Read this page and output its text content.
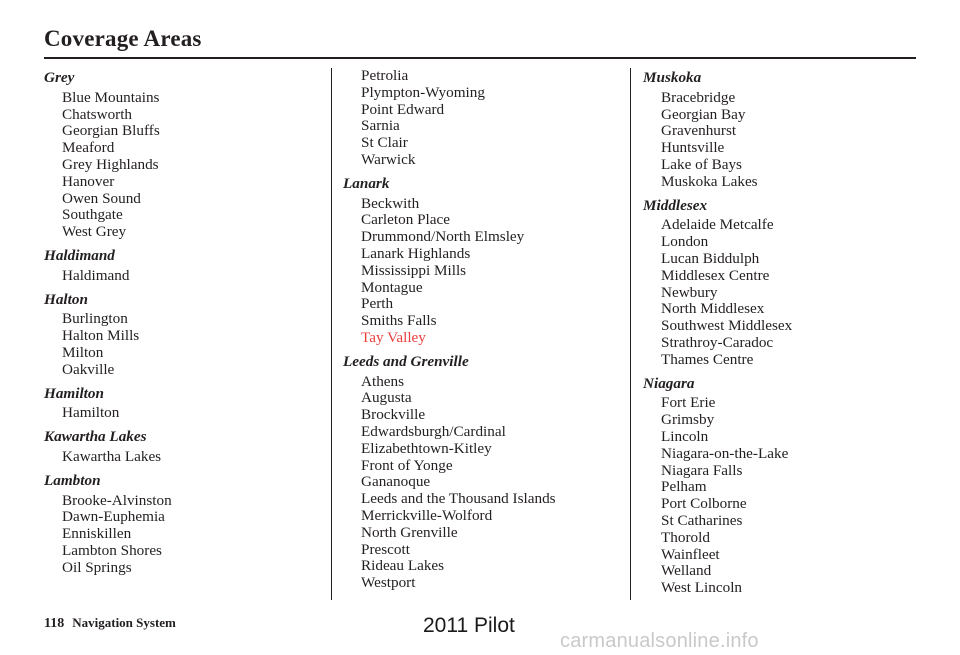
Coverage Areas
Grey
Blue Mountains
Chatsworth
Georgian Bluffs
Meaford
Grey Highlands
Hanover
Owen Sound
Southgate
West Grey
Haldimand
Haldimand
Halton
Burlington
Halton Mills
Milton
Oakville
Hamilton
Hamilton
Kawartha Lakes
Kawartha Lakes
Lambton
Brooke-Alvinston
Dawn-Euphemia
Enniskillen
Lambton Shores
Oil Springs
Petrolia
Plympton-Wyoming
Point Edward
Sarnia
St Clair
Warwick
Lanark
Beckwith
Carleton Place
Drummond/North Elmsley
Lanark Highlands
Mississippi Mills
Montague
Perth
Smiths Falls
Tay Valley
Leeds and Grenville
Athens
Augusta
Brockville
Edwardsburgh/Cardinal
Elizabethtown-Kitley
Front of Yonge
Gananoque
Leeds and the Thousand Islands
Merrickville-Wolford
North Grenville
Prescott
Rideau Lakes
Westport
Muskoka
Bracebridge
Georgian Bay
Gravenhurst
Huntsville
Lake of Bays
Muskoka Lakes
Middlesex
Adelaide Metcalfe
London
Lucan Biddulph
Middlesex Centre
Newbury
North Middlesex
Southwest Middlesex
Strathroy-Caradoc
Thames Centre
Niagara
Fort Erie
Grimsby
Lincoln
Niagara-on-the-Lake
Niagara Falls
Pelham
Port Colborne
St Catharines
Thorold
Wainfleet
Welland
West Lincoln
118 Navigation System	2011 Pilot
carmanualsonline.info
